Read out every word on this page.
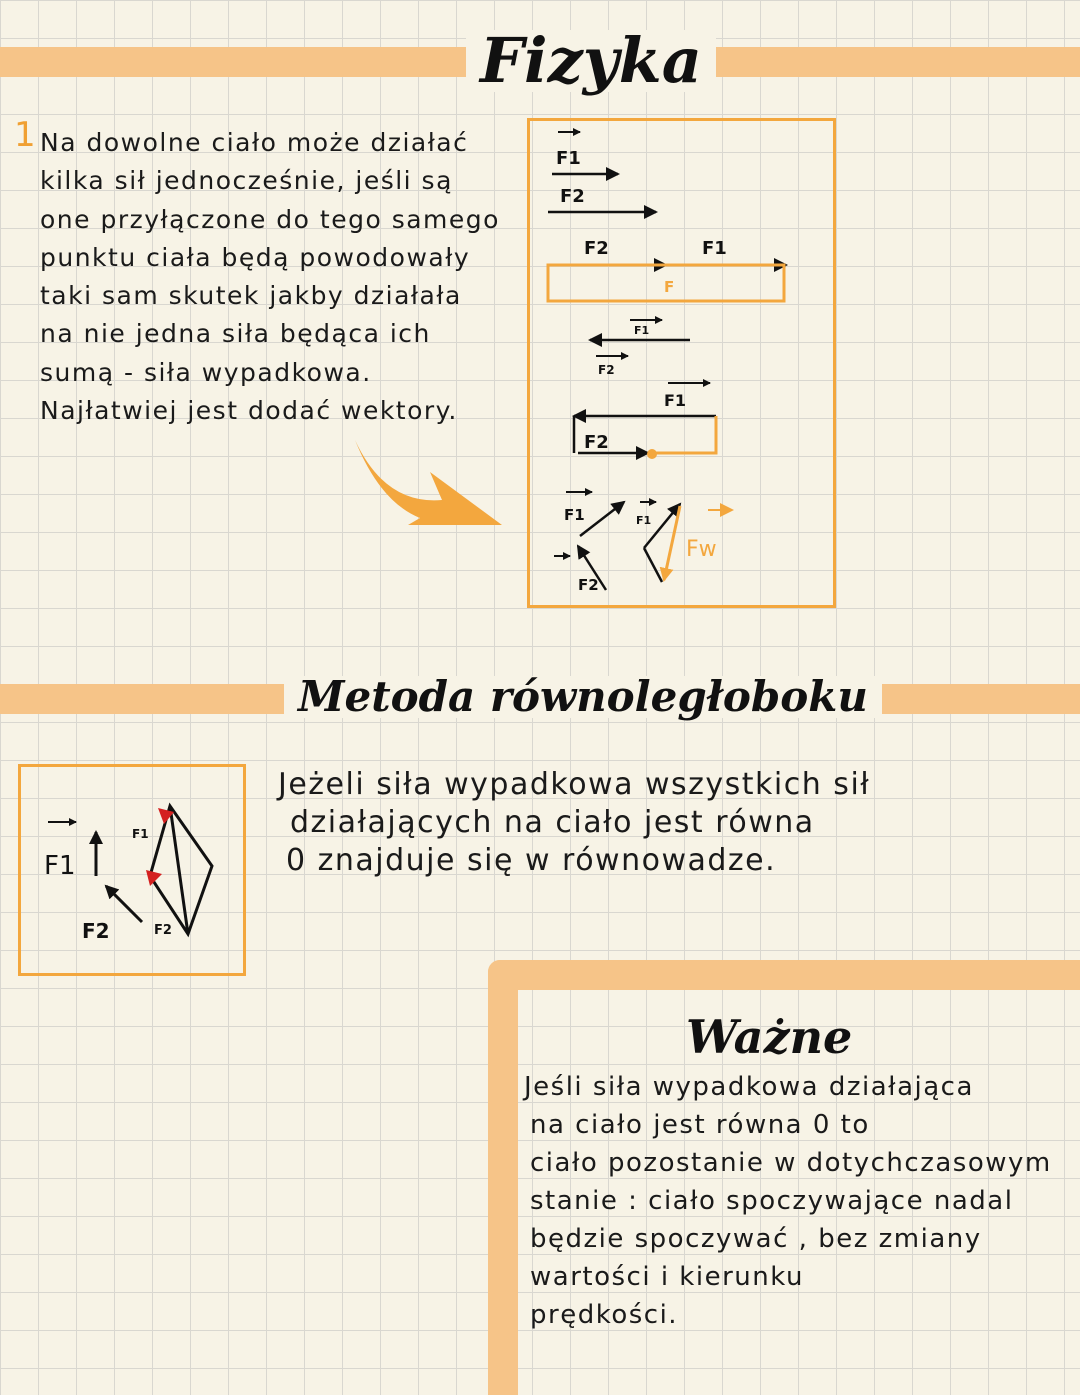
Fizyka
1 Na dowolne ciało może działać
kilka sił jednocześnie, jeśli są
one przyłączone do tego samego
punktu ciała będą powodowały
taki sam skutek jakby działała
na nie jedna siła będąca ich
sumą - siła wypadkowa.
Najłatwiej jest dodać wektory.
F1
F2
F2	F1
F1
F2
F1
F2
F1
F2
F1
F
Fw
Metoda równoległoboku
F1
F2
F1
F2
Jeżeli siła wypadkowa wszystkich sił
działających na ciało jest równa
0 znajduje się w równowadze.
Ważne
Jeśli siła wypadkowa działająca
na ciało jest równa 0 to
ciało pozostanie w dotychczasowym
stanie : ciało spoczywające nadal
będzie spoczywać , bez zmiany
wartości i kierunku
prędkości.
